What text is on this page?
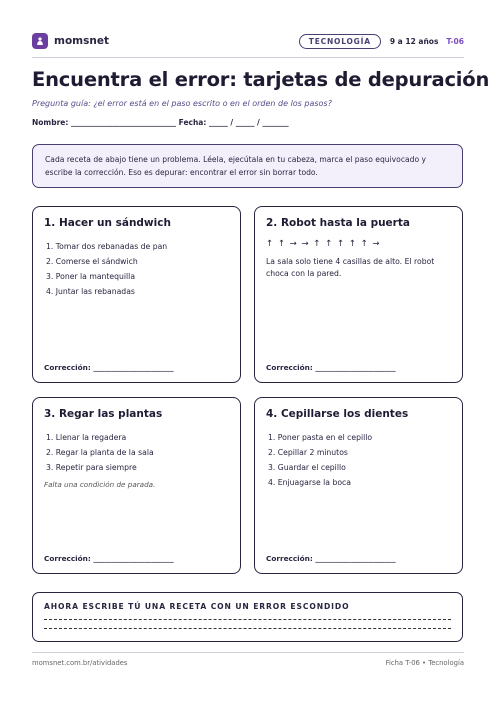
momsnet	TECNOLOGÍA	9 a 12 años T-06
Encuentra el error: tarjetas de depuración

Pregunta guía: ¿el error está en el paso escrito o en el orden de los pasos?

Nombre: ____________________________ Fecha: _____ / _____ / _______

Cada receta de abajo tiene un problema. Léela, ejecútala en tu cabeza, marca el paso equivocado y escribe la corrección. Eso es depurar: encontrar el error sin borrar todo.
1. Hacer un sándwich
1. Tomar dos rebanadas de pan
2. Comerse el sándwich
3. Poner la mantequilla
4. Juntar las rebanadas
Corrección: ______________________
2. Robot hasta la puerta
↑ ↑ → → ↑ ↑ ↑ ↑ ↑ →

La sala solo tiene 4 casillas de alto. El robot choca con la pared.

Corrección: ______________________
3. Regar las plantas
1. Llenar la regadera
2. Regar la planta de la sala
3. Repetir para siempre

Falta una condición de parada.

Corrección: ______________________
4. Cepillarse los dientes
1. Poner pasta en el cepillo
2. Cepillar 2 minutos
3. Guardar el cepillo
4. Enjuagarse la boca
Corrección: ______________________
AHORA ESCRIBE TÚ UNA RECETA CON UN ERROR ESCONDIDO
momsnet.com.br/atividades	Ficha T-06 • Tecnología
